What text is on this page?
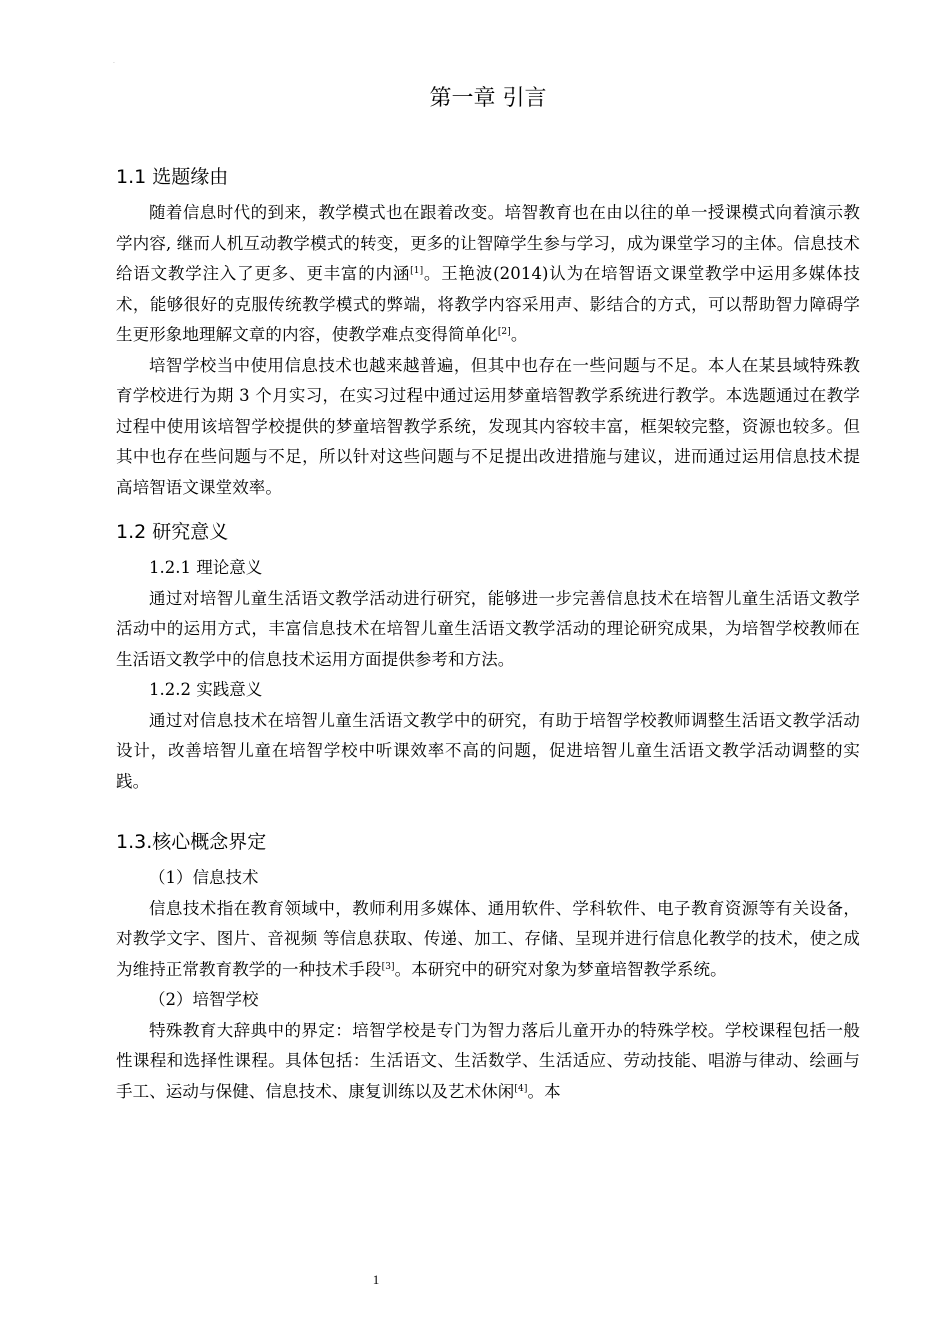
·
第一章 引言
1.1 选题缘由

随着信息时代的到来，教学模式也在跟着改变。培智教育也在由以往的单一授课模式向着演示教学内容, 继而人机互动教学模式的转变，更多的让智障学生参与学习，成为课堂学习的主体。信息技术给语文教学注入了更多、更丰富的内涵[1]。王艳波(2014)认为在培智语文课堂教学中运用多媒体技术，能够很好的克服传统教学模式的弊端，将教学内容采用声、影结合的方式，可以帮助智力障碍学生更形象地理解文章的内容，使教学难点变得简单化[2]。

培智学校当中使用信息技术也越来越普遍，但其中也存在一些问题与不足。本人在某县域特殊教育学校进行为期 3 个月实习，在实习过程中通过运用梦童培智教学系统进行教学。本选题通过在教学过程中使用该培智学校提供的梦童培智教学系统，发现其内容较丰富，框架较完整，资源也较多。但其中也存在些问题与不足，所以针对这些问题与不足提出改进措施与建议，进而通过运用信息技术提高培智语文课堂效率。

1.2 研究意义
1.2.1 理论意义

通过对培智儿童生活语文教学活动进行研究，能够进一步完善信息技术在培智儿童生活语文教学活动中的运用方式，丰富信息技术在培智儿童生活语文教学活动的理论研究成果，为培智学校教师在生活语文教学中的信息技术运用方面提供参考和方法。

1.2.2 实践意义

通过对信息技术在培智儿童生活语文教学中的研究，有助于培智学校教师调整生活语文教学活动设计，改善培智儿童在培智学校中听课效率不高的问题，促进培智儿童生活语文教学活动调整的实践。

1.3.核心概念界定
（1）信息技术

信息技术指在教育领域中，教师利用多媒体、通用软件、学科软件、电子教育资源等有关设备，对教学文字、图片、音视频 等信息获取、传递、加工、存储、呈现并进行信息化教学的技术，使之成为维持正常教育教学的一种技术手段[3]。本研究中的研究对象为梦童培智教学系统。

（2）培智学校

特殊教育大辞典中的界定：培智学校是专门为智力落后儿童开办的特殊学校。学校课程包括一般性课程和选择性课程。具体包括：生活语文、生活数学、生活适应、劳动技能、唱游与律动、绘画与手工、运动与保健、信息技术、康复训练以及艺术休闲[4]。本

1
